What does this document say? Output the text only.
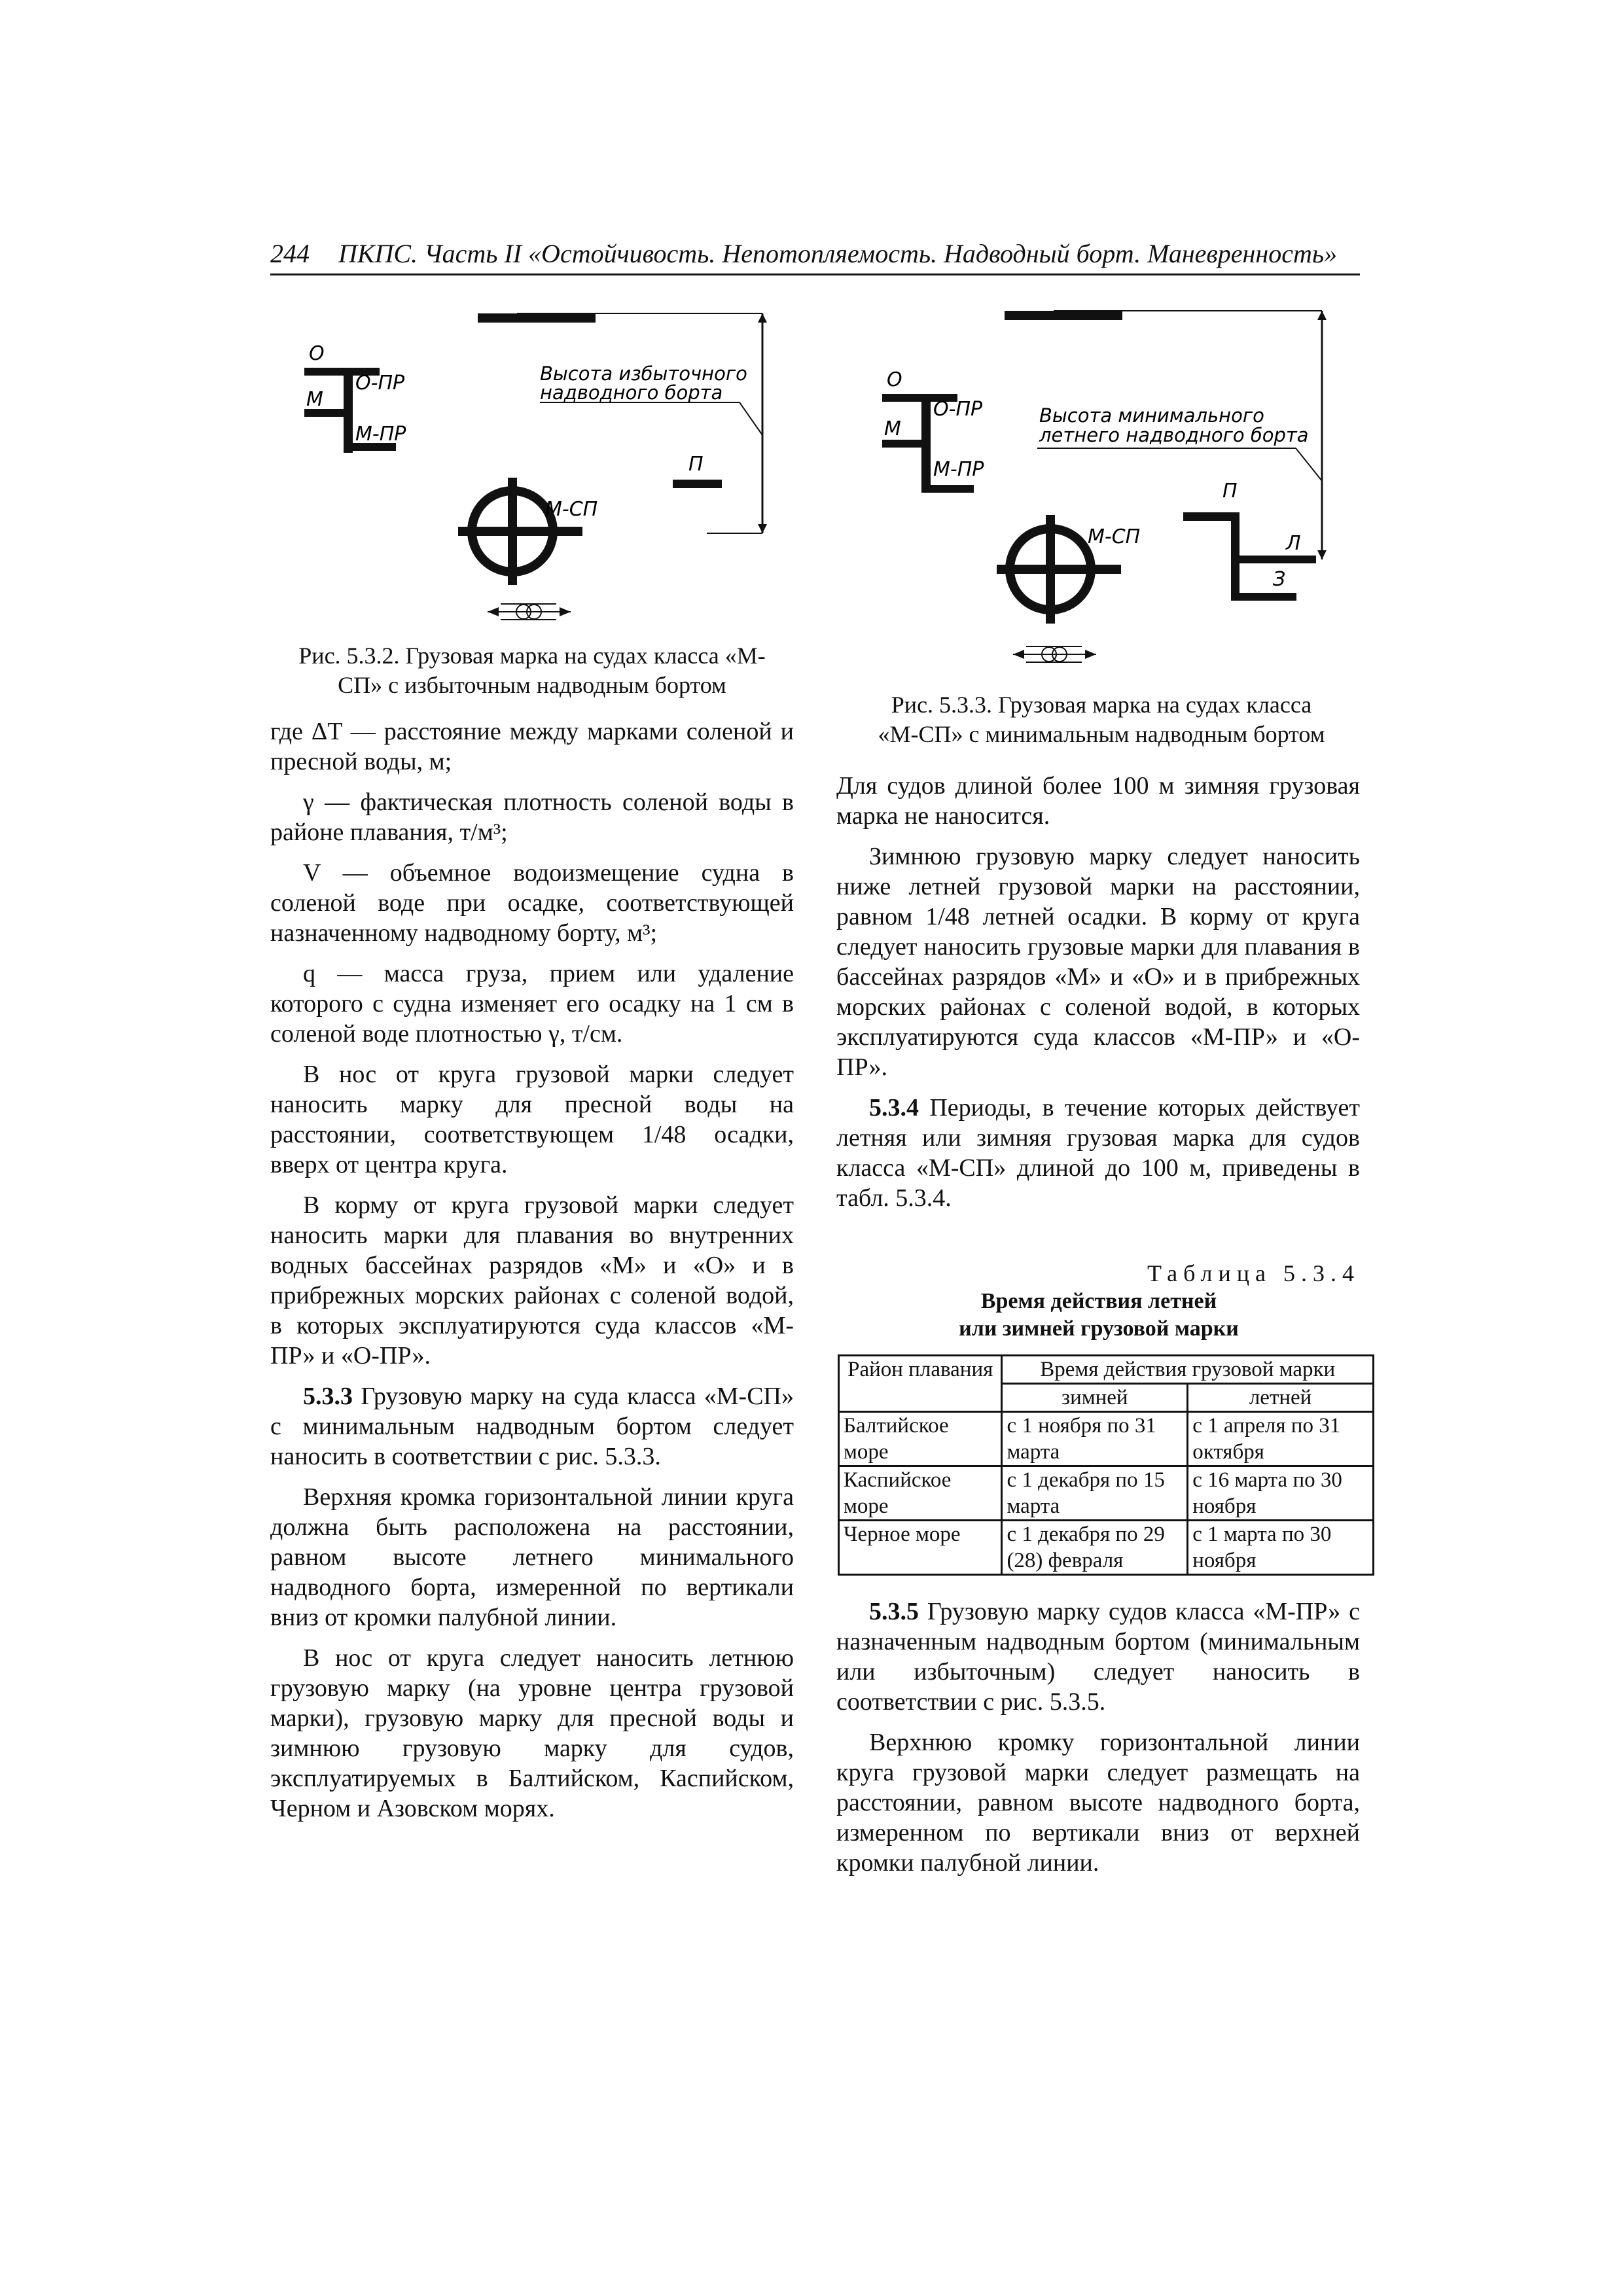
244 ПКПС. Часть II «Остойчивость. Непотопляемость. Надводный борт. Маневренность»
О
О-ПР
М
М-ПР
М-СП
П
Высота избыточного
надводного борта
Рис. 5.3.2. Грузовая марка на судах класса «М-
СП» с избыточным надводным бортом
О
О-ПР
М
М-ПР
М-СП
П
Л
З
Высота минимального
летнего надводного борта
Рис. 5.3.3. Грузовая марка на судах класса
«М-СП» с минимальным надводным бортом

где ΔT — расстояние между марками соленой и пресной воды, м;

γ — фактическая плотность соленой воды в районе плавания, т/м³;

V — объемное водоизмещение судна в соленой воде при осадке, соответствующей назначенному надводному борту, м³;

q — масса груза, прием или удаление которого с судна изменяет его осадку на 1 см в соленой воде плотностью γ, т/см.

В нос от круга грузовой марки следует наносить марку для пресной воды на расстоянии, соответствующем 1/48 осадки, вверх от центра круга.

В корму от круга грузовой марки следует наносить марки для плавания во внутренних водных бассейнах разрядов «М» и «О» и в прибрежных морских районах с соленой водой, в которых эксплуатируются суда классов «М-ПР» и «О-ПР».

5.3.3 Грузовую марку на суда класса «М-СП» с минимальным надводным бортом следует наносить в соответствии с рис. 5.3.3.

Верхняя кромка горизонтальной линии круга должна быть расположена на расстоянии, равном высоте летнего минимального надводного борта, измеренной по вертикали вниз от кромки палубной линии.

В нос от круга следует наносить летнюю грузовую марку (на уровне центра грузовой марки), грузовую марку для пресной воды и зимнюю грузовую марку для судов, эксплуатируемых в Балтийском, Каспийском, Черном и Азовском морях.

Для судов длиной более 100 м зимняя грузовая марка не наносится.

Зимнюю грузовую марку следует наносить ниже летней грузовой марки на расстоянии, равном 1/48 летней осадки. В корму от круга следует наносить грузовые марки для плавания в бассейнах разрядов «М» и «О» и в прибрежных морских районах с соленой водой, в которых эксплуатируются суда классов «М-ПР» и «О-ПР».

5.3.4 Периоды, в течение которых действует летняя или зимняя грузовая марка для судов класса «М-СП» длиной до 100 м, приведены в табл. 5.3.4.

Таблица 5.3.4
Время действия летней
или зимней грузовой марки
Район плавания	Время действия грузовой марки	
	зимней	летней
Балтийское море	с 1 ноября по 31 марта	с 1 апреля по 31 октября
Каспийское море	с 1 декабря по 15 марта	с 16 марта по 30 ноября
Черное море	с 1 декабря по 29 (28) февраля	с 1 марта по 30 ноября

5.3.5 Грузовую марку судов класса «М-ПР» с назначенным надводным бортом (минимальным или избыточным) следует наносить в соответствии с рис. 5.3.5.

Верхнюю кромку горизонтальной линии круга грузовой марки следует размещать на расстоянии, равном высоте надводного борта, измеренном по вертикали вниз от верхней кромки палубной линии.
